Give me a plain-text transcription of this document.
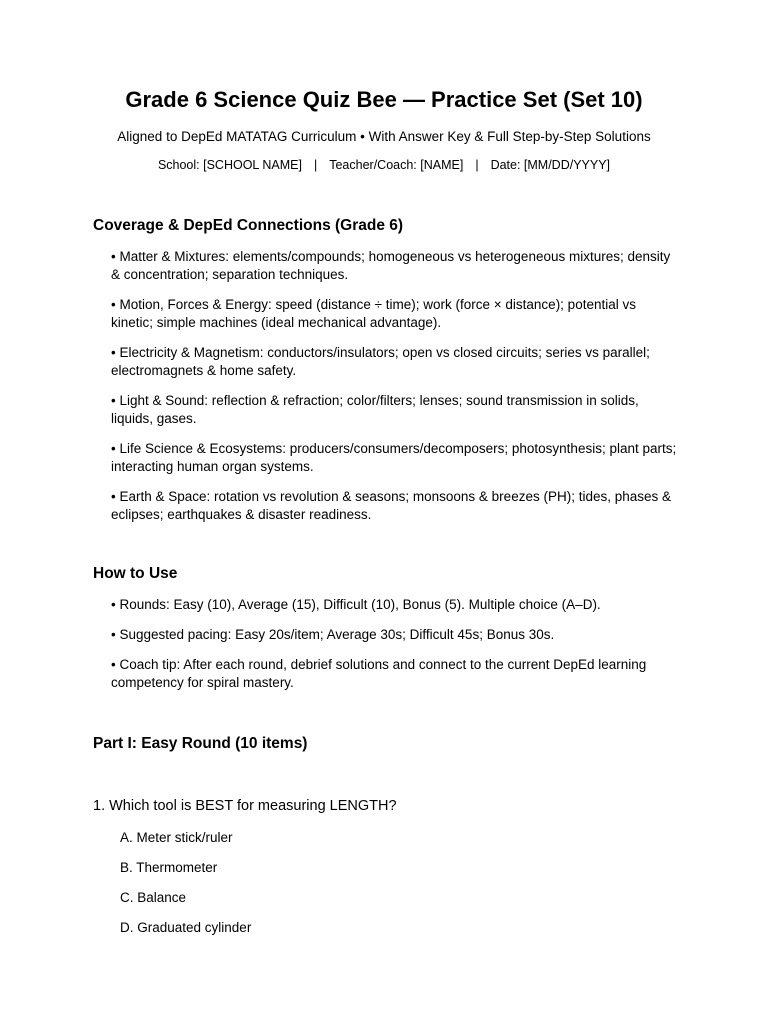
Grade 6 Science Quiz Bee — Practice Set (Set 10)

Aligned to DepEd MATATAG Curriculum • With Answer Key & Full Step-by-Step Solutions

School: [SCHOOL NAME] | Teacher/Coach: [NAME] | Date: [MM/DD/YYYY]

Coverage & DepEd Connections (Grade 6)
• Matter & Mixtures: elements/compounds; homogeneous vs heterogeneous mixtures; density & concentration; separation techniques.
• Motion, Forces & Energy: speed (distance ÷ time); work (force × distance); potential vs kinetic; simple machines (ideal mechanical advantage).
• Electricity & Magnetism: conductors/insulators; open vs closed circuits; series vs parallel; electromagnets & home safety.
• Light & Sound: reflection & refraction; color/filters; lenses; sound transmission in solids, liquids, gases.
• Life Science & Ecosystems: producers/consumers/decomposers; photosynthesis; plant parts; interacting human organ systems.
• Earth & Space: rotation vs revolution & seasons; monsoons & breezes (PH); tides, phases & eclipses; earthquakes & disaster readiness.
How to Use
• Rounds: Easy (10), Average (15), Difficult (10), Bonus (5). Multiple choice (A–D).
• Suggested pacing: Easy 20s/item; Average 30s; Difficult 45s; Bonus 30s.
• Coach tip: After each round, debrief solutions and connect to the current DepEd learning competency for spiral mastery.
Part I: Easy Round (10 items)

1. Which tool is BEST for measuring LENGTH?

A. Meter stick/ruler
B. Thermometer
C. Balance
D. Graduated cylinder
